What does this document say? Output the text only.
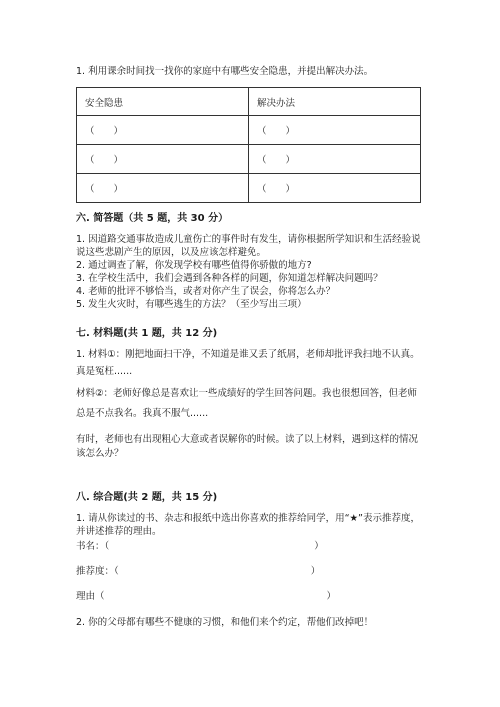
1. 利用课余时间找一找你的家庭中有哪些安全隐患，并提出解决办法。
安全隐患	解决办法
（　　）	（　　）
（　　）	（　　）
（　　）	（　　）
六. 简答题（共 5 题，共 30 分）
1. 因道路交通事故造成儿童伤亡的事件时有发生，请你根据所学知识和生活经验说说这些悲剧产生的原因，以及应该怎样避免。
2. 通过调查了解，你发现学校有哪些值得你骄傲的地方?
3. 在学校生活中，我们会遇到各种各样的问题，你知道怎样解决问题吗？
4. 老师的批评不够恰当，或者对你产生了误会，你将怎么办？
5. 发生火灾时，有哪些逃生的方法？（至少写出三项）
七. 材料题(共 1 题，共 12 分)
1. 材料①：刚把地面扫干净，不知道是谁又丢了纸屑，老师却批评我扫地不认真。真是冤枉......
材料②：老师好像总是喜欢让一些成绩好的学生回答问题。我也很想回答，但老师总是不点我名。我真不服气......
有时，老师也有出现粗心大意或者误解你的时候。读了以上材料，遇到这样的情况该怎么办？
八. 综合题(共 2 题，共 15 分)
1. 请从你读过的书、杂志和报纸中选出你喜欢的推荐给同学，用“★”表示推荐度，并讲述推荐的理由。
书名：（	）
推荐度：（	）
理由（	）
2. 你的父母都有哪些不健康的习惯，和他们来个约定，帮他们改掉吧！
